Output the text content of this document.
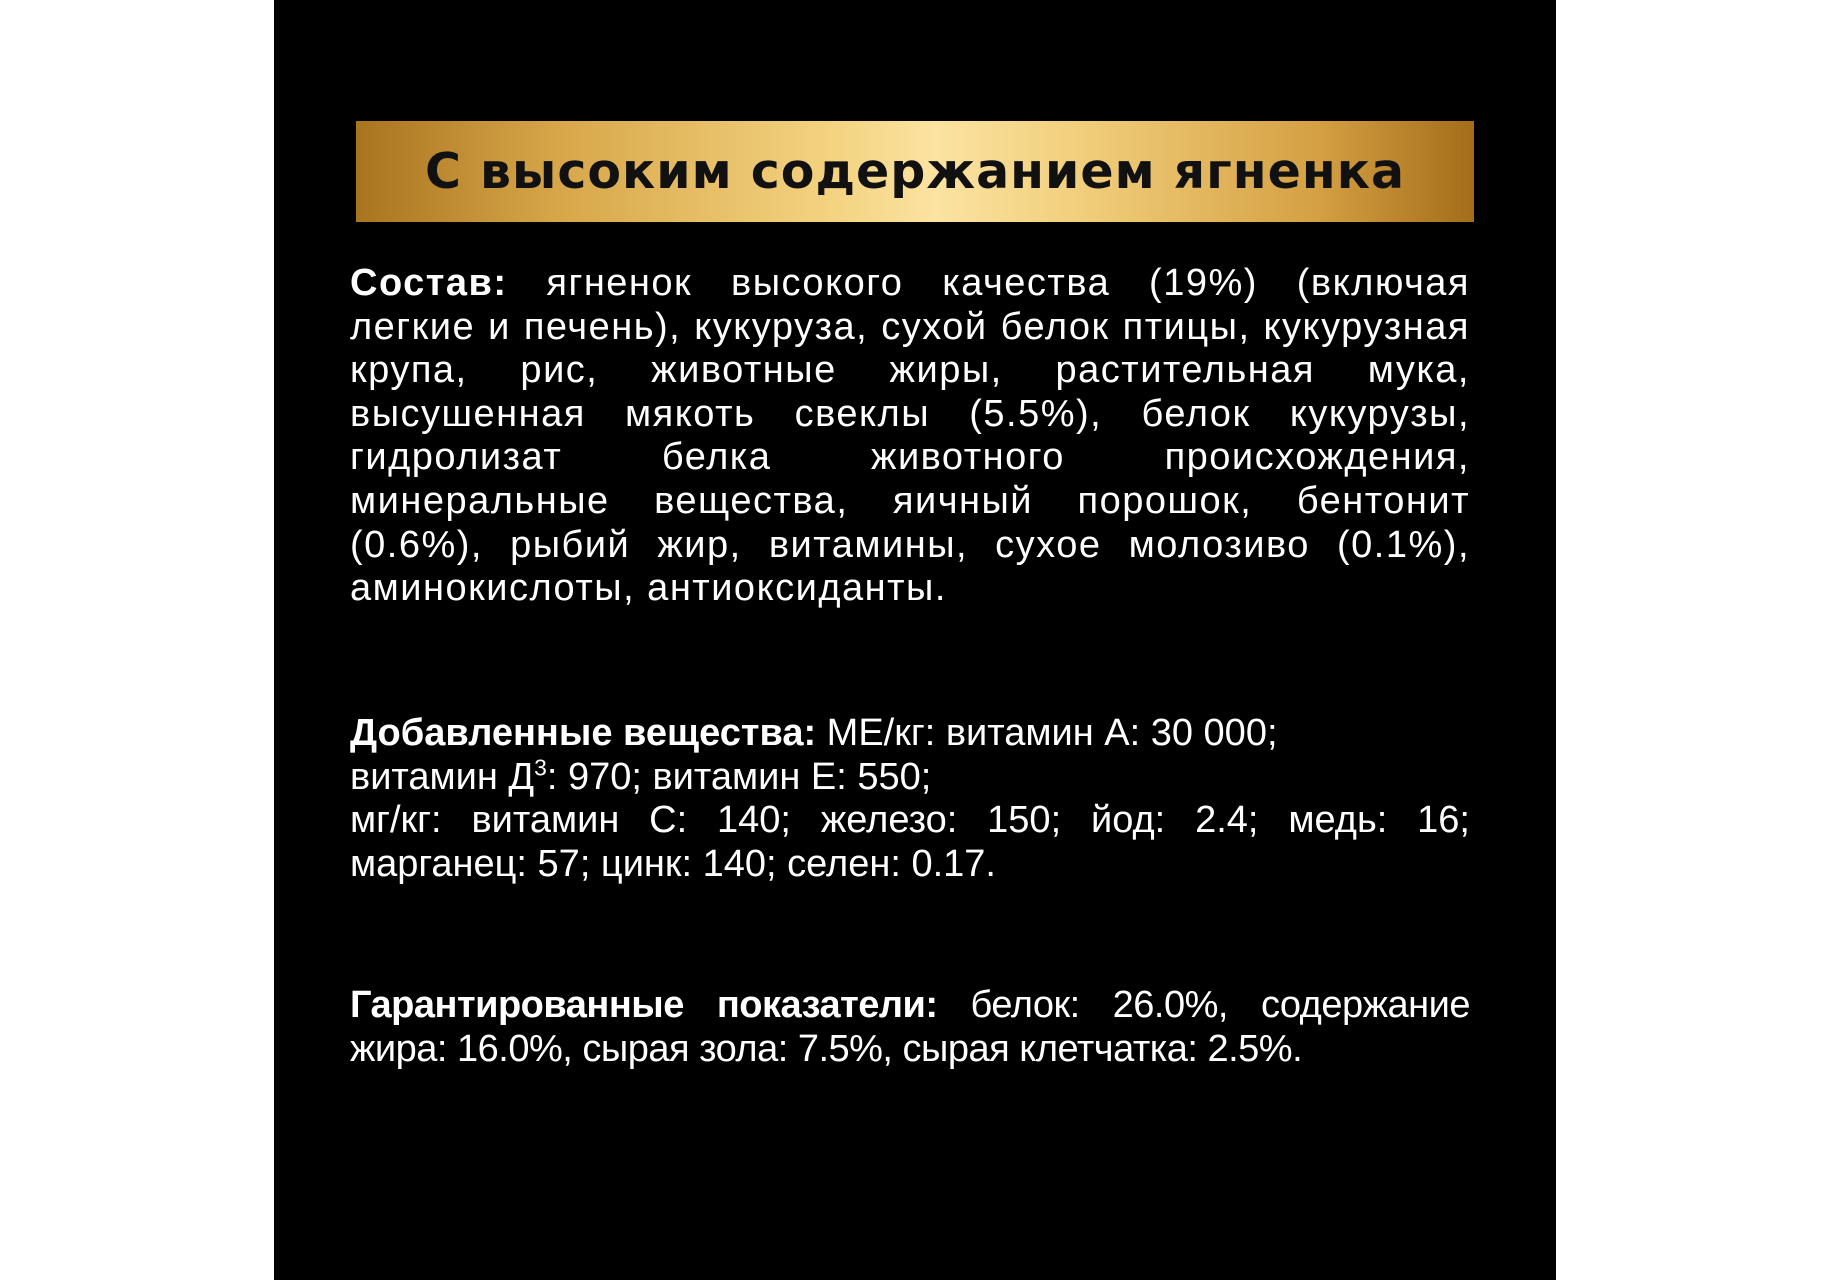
С высоким содержанием ягненка
Состав: ягненок высокого качества (19%) (включая легкие и печень), кукуруза, сухой белок птицы, кукурузная крупа, рис, животные жиры, растительная мука, высушенная мякоть свеклы (5.5%), белок кукурузы, гидролизат белка животного происхождения, минеральные вещества, яичный порошок, бентонит (0.6%), рыбий жир, витамины, сухое молозиво (0.1%), аминокислоты, антиоксиданты.
Добавленные вещества: МЕ/кг: витамин А: 30 000;
витамин $Д^3$: 970; витамин Е: 550;
мг/кг: витамин С: 140; железо: 150; йод: 2.4; медь: 16; марганец: 57; цинк: 140; селен: 0.17.
Гарантированные показатели: белок: 26.0%, содержание жира: 16.0%, сырая зола: 7.5%, сырая клетчатка: 2.5%.
